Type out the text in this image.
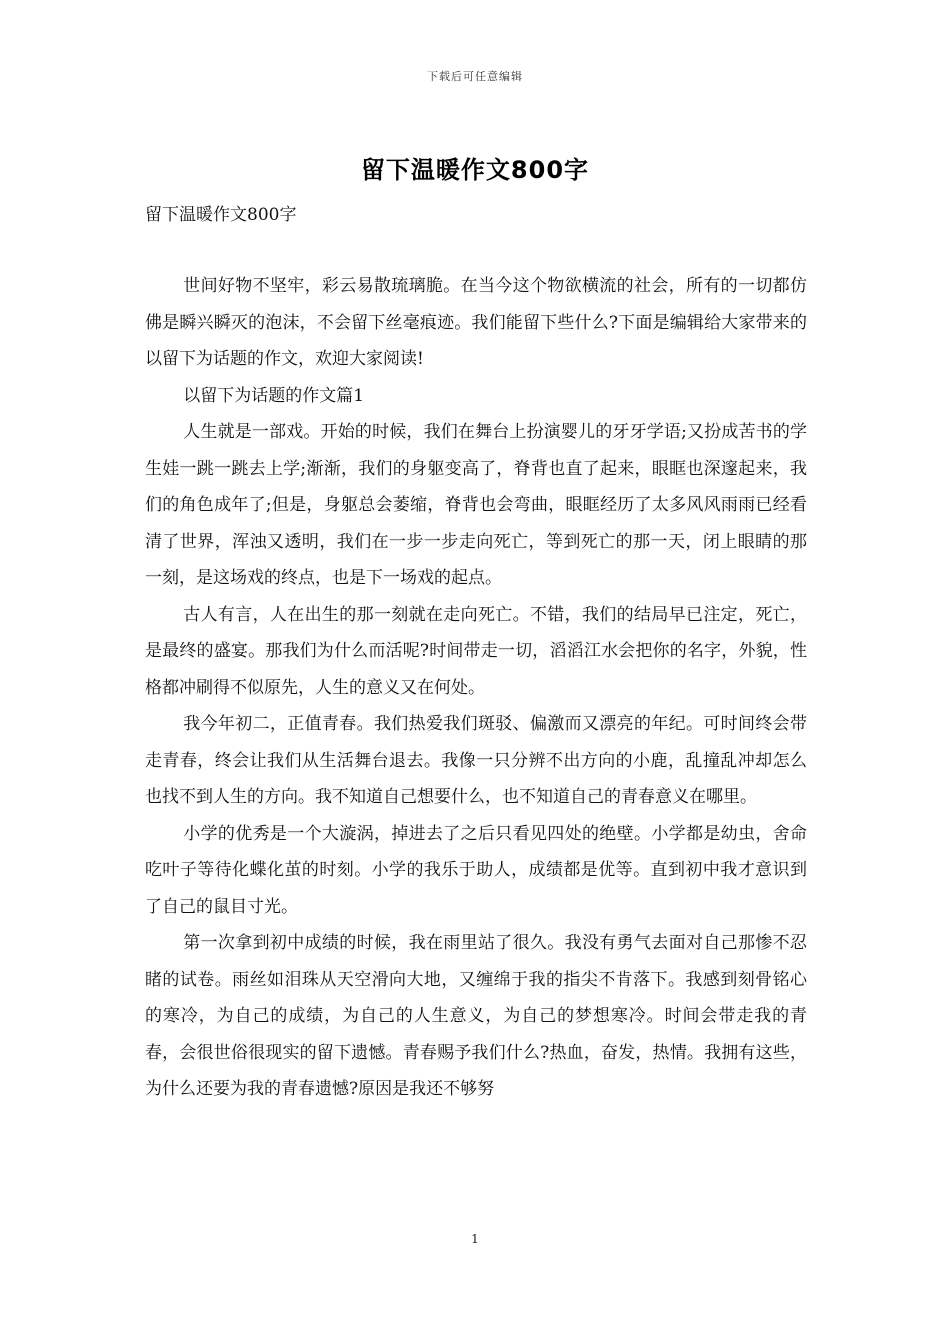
下载后可任意编辑
留下温暖作文800字
留下温暖作文800字

世间好物不坚牢，彩云易散琉璃脆。在当今这个物欲横流的社会，所有的一切都仿佛是瞬兴瞬灭的泡沫，不会留下丝毫痕迹。我们能留下些什么?下面是编辑给大家带来的以留下为话题的作文，欢迎大家阅读!

以留下为话题的作文篇1

人生就是一部戏。开始的时候，我们在舞台上扮演婴儿的牙牙学语;又扮成苦书的学生娃一跳一跳去上学;渐渐，我们的身躯变高了，脊背也直了起来，眼眶也深邃起来，我们的角色成年了;但是，身躯总会萎缩，脊背也会弯曲，眼眶经历了太多风风雨雨已经看清了世界，浑浊又透明，我们在一步一步走向死亡，等到死亡的那一天，闭上眼睛的那一刻，是这场戏的终点，也是下一场戏的起点。

古人有言，人在出生的那一刻就在走向死亡。不错，我们的结局早已注定，死亡，是最终的盛宴。那我们为什么而活呢?时间带走一切，滔滔江水会把你的名字，外貌，性格都冲刷得不似原先，人生的意义又在何处。

我今年初二，正值青春。我们热爱我们斑驳、偏激而又漂亮的年纪。可时间终会带走青春，终会让我们从生活舞台退去。我像一只分辨不出方向的小鹿，乱撞乱冲却怎么也找不到人生的方向。我不知道自己想要什么，也不知道自己的青春意义在哪里。

小学的优秀是一个大漩涡，掉进去了之后只看见四处的绝壁。小学都是幼虫，舍命吃叶子等待化蝶化茧的时刻。小学的我乐于助人，成绩都是优等。直到初中我才意识到了自己的鼠目寸光。

第一次拿到初中成绩的时候，我在雨里站了很久。我没有勇气去面对自己那惨不忍睹的试卷。雨丝如泪珠从天空滑向大地，又缠绵于我的指尖不肯落下。我感到刻骨铭心的寒冷，为自己的成绩，为自己的人生意义，为自己的梦想寒冷。时间会带走我的青春，会很世俗很现实的留下遗憾。青春赐予我们什么?热血，奋发，热情。我拥有这些，为什么还要为我的青春遗憾?原因是我还不够努

1
